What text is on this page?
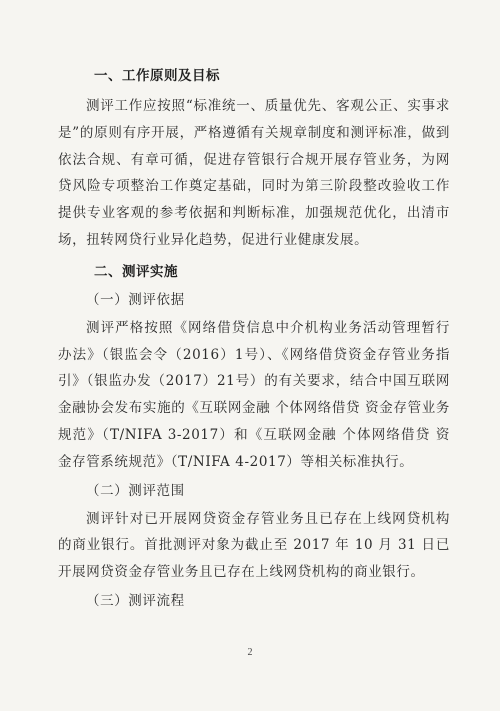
一、工作原则及目标

测评工作应按照“标准统一、质量优先、客观公正、实事求是”的原则有序开展，严格遵循有关规章制度和测评标准，做到依法合规、有章可循，促进存管银行合规开展存管业务，为网贷风险专项整治工作奠定基础，同时为第三阶段整改验收工作提供专业客观的参考依据和判断标准，加强规范优化，出清市场，扭转网贷行业异化趋势，促进行业健康发展。

二、测评实施
（一）测评依据

测评严格按照《网络借贷信息中介机构业务活动管理暂行办法》（银监会令（2016）1号）、《网络借贷资金存管业务指引》（银监办发（2017）21号）的有关要求，结合中国互联网金融协会发布实施的《互联网金融 个体网络借贷 资金存管业务规范》（T/NIFA 3-2017）和《互联网金融 个体网络借贷 资金存管系统规范》（T/NIFA 4-2017）等相关标准执行。

（二）测评范围

测评针对已开展网贷资金存管业务且已存在上线网贷机构的商业银行。首批测评对象为截止至 2017 年 10 月 31 日已开展网贷资金存管业务且已存在上线网贷机构的商业银行。

（三）测评流程
2
